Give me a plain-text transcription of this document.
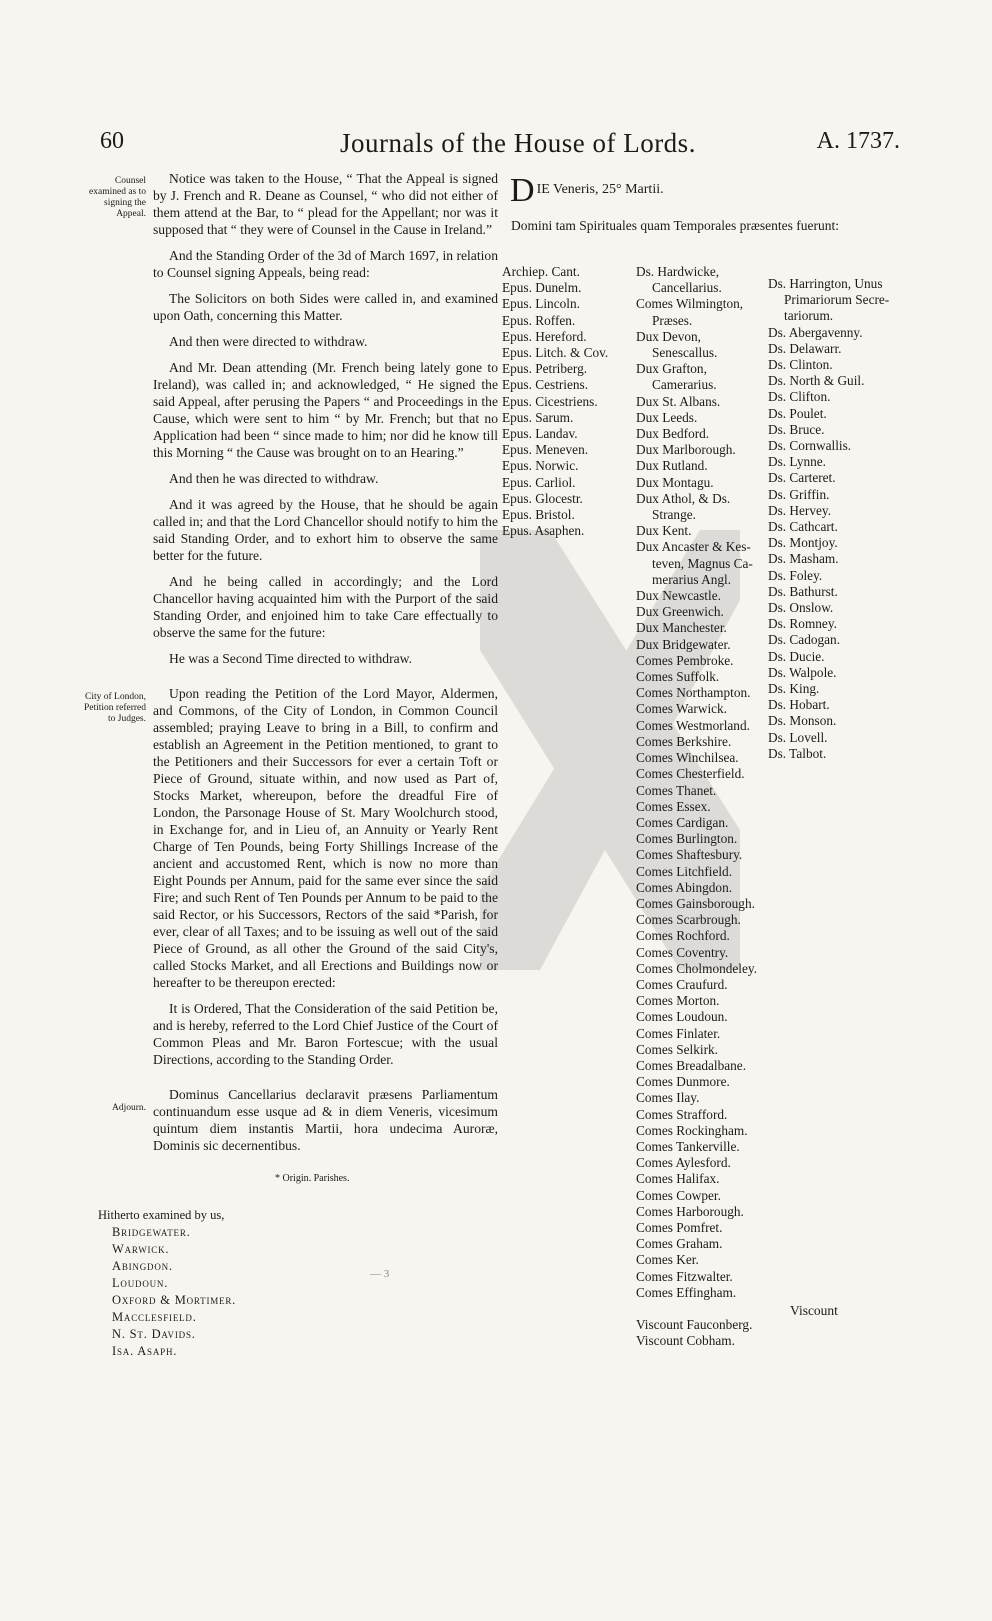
60	Journals of the House of Lords.	A. 1737.
Counsel examined as to signing the Appeal.
City of London, Petition referred to Judges.
Adjourn.

Notice was taken to the House, “ That the Appeal is signed by J. French and R. Deane as Counsel, “ who did not either of them attend at the Bar, to “ plead for the Appellant; nor was it supposed that “ they were of Counsel in the Cause in Ireland.”

And the Standing Order of the 3d of March 1697, in relation to Counsel signing Appeals, being read:

The Solicitors on both Sides were called in, and examined upon Oath, concerning this Matter.

And then were directed to withdraw.

And Mr. Dean attending (Mr. French being lately gone to Ireland), was called in; and acknowledged, “ He signed the said Appeal, after perusing the Papers “ and Proceedings in the Cause, which were sent to him “ by Mr. French; but that no Application had been “ since made to him; nor did he know till this Morning “ the Cause was brought on to an Hearing.”

And then he was directed to withdraw.

And it was agreed by the House, that he should be again called in; and that the Lord Chancellor should notify to him the said Standing Order, and to exhort him to observe the same better for the future.

And he being called in accordingly; and the Lord Chancellor having acquainted him with the Purport of the said Standing Order, and enjoined him to take Care effectually to observe the same for the future:

He was a Second Time directed to withdraw.

Upon reading the Petition of the Lord Mayor, Aldermen, and Commons, of the City of London, in Common Council assembled; praying Leave to bring in a Bill, to confirm and establish an Agreement in the Petition mentioned, to grant to the Petitioners and their Successors for ever a certain Toft or Piece of Ground, situate within, and now used as Part of, Stocks Market, whereupon, before the dreadful Fire of London, the Parsonage House of St. Mary Woolchurch stood, in Exchange for, and in Lieu of, an Annuity or Yearly Rent Charge of Ten Pounds, being Forty Shillings Increase of the ancient and accustomed Rent, which is now no more than Eight Pounds per Annum, paid for the same ever since the said Fire; and such Rent of Ten Pounds per Annum to be paid to the said Rector, or his Successors, Rectors of the said *Parish, for ever, clear of all Taxes; and to be issuing as well out of the said Piece of Ground, as all other the Ground of the said City's, called Stocks Market, and all Erections and Buildings now or hereafter to be thereupon erected:

It is Ordered, That the Consideration of the said Petition be, and is hereby, referred to the Lord Chief Justice of the Court of Common Pleas and Mr. Baron Fortescue; with the usual Directions, according to the Standing Order.

Dominus Cancellarius declaravit præsens Parliamentum continuandum esse usque ad & in diem Veneris, vicesimum quintum diem instantis Martii, hora undecima Auroræ, Dominis sic decernentibus.

* Origin. Parishes.
Hitherto examined by us,
Bridgewater.
Warwick.
Abingdon.
Loudoun.
Oxford & Mortimer.
Macclesfield.
N. St. Davids.
Isa. Asaph.
— 3
DIE Veneris, 25° Martii.
Domini tam Spirituales quam Temporales præsentes fuerunt:
Archiep. Cant.
Epus. Dunelm.
Epus. Lincoln.
Epus. Roffen.
Epus. Hereford.
Epus. Litch. & Cov.
Epus. Petriberg.
Epus. Cestriens.
Epus. Cicestriens.
Epus. Sarum.
Epus. Landav.
Epus. Meneven.
Epus. Norwic.
Epus. Carliol.
Epus. Glocestr.
Epus. Bristol.
Epus. Asaphen.
Ds. Hardwicke,
Cancellarius.
Comes Wilmington,
Præses.
Dux Devon,
Senescallus.
Dux Grafton,
Camerarius.
Dux St. Albans.
Dux Leeds.
Dux Bedford.
Dux Marlborough.
Dux Rutland.
Dux Montagu.
Dux Athol, & Ds.
Strange.
Dux Kent.
Dux Ancaster & Kes-
teven, Magnus Ca-
merarius Angl.
Dux Newcastle.
Dux Greenwich.
Dux Manchester.
Dux Bridgewater.
Comes Pembroke.
Comes Suffolk.
Comes Northampton.
Comes Warwick.
Comes Westmorland.
Comes Berkshire.
Comes Winchilsea.
Comes Chesterfield.
Comes Thanet.
Comes Essex.
Comes Cardigan.
Comes Burlington.
Comes Shaftesbury.
Comes Litchfield.
Comes Abingdon.
Comes Gainsborough.
Comes Scarbrough.
Comes Rochford.
Comes Coventry.
Comes Cholmondeley.
Comes Craufurd.
Comes Morton.
Comes Loudoun.
Comes Finlater.
Comes Selkirk.
Comes Breadalbane.
Comes Dunmore.
Comes Ilay.
Comes Strafford.
Comes Rockingham.
Comes Tankerville.
Comes Aylesford.
Comes Halifax.
Comes Cowper.
Comes Harborough.
Comes Pomfret.
Comes Graham.
Comes Ker.
Comes Fitzwalter.
Comes Effingham.

Viscount Fauconberg.
Viscount Cobham.
Ds. Harrington, Unus
Primariorum Secre-
tariorum.
Ds. Abergavenny.
Ds. Delawarr.
Ds. Clinton.
Ds. North & Guil.
Ds. Clifton.
Ds. Poulet.
Ds. Bruce.
Ds. Cornwallis.
Ds. Lynne.
Ds. Carteret.
Ds. Griffin.
Ds. Hervey.
Ds. Cathcart.
Ds. Montjoy.
Ds. Masham.
Ds. Foley.
Ds. Bathurst.
Ds. Onslow.
Ds. Romney.
Ds. Cadogan.
Ds. Ducie.
Ds. Walpole.
Ds. King.
Ds. Hobart.
Ds. Monson.
Ds. Lovell.
Ds. Talbot.
Viscount
